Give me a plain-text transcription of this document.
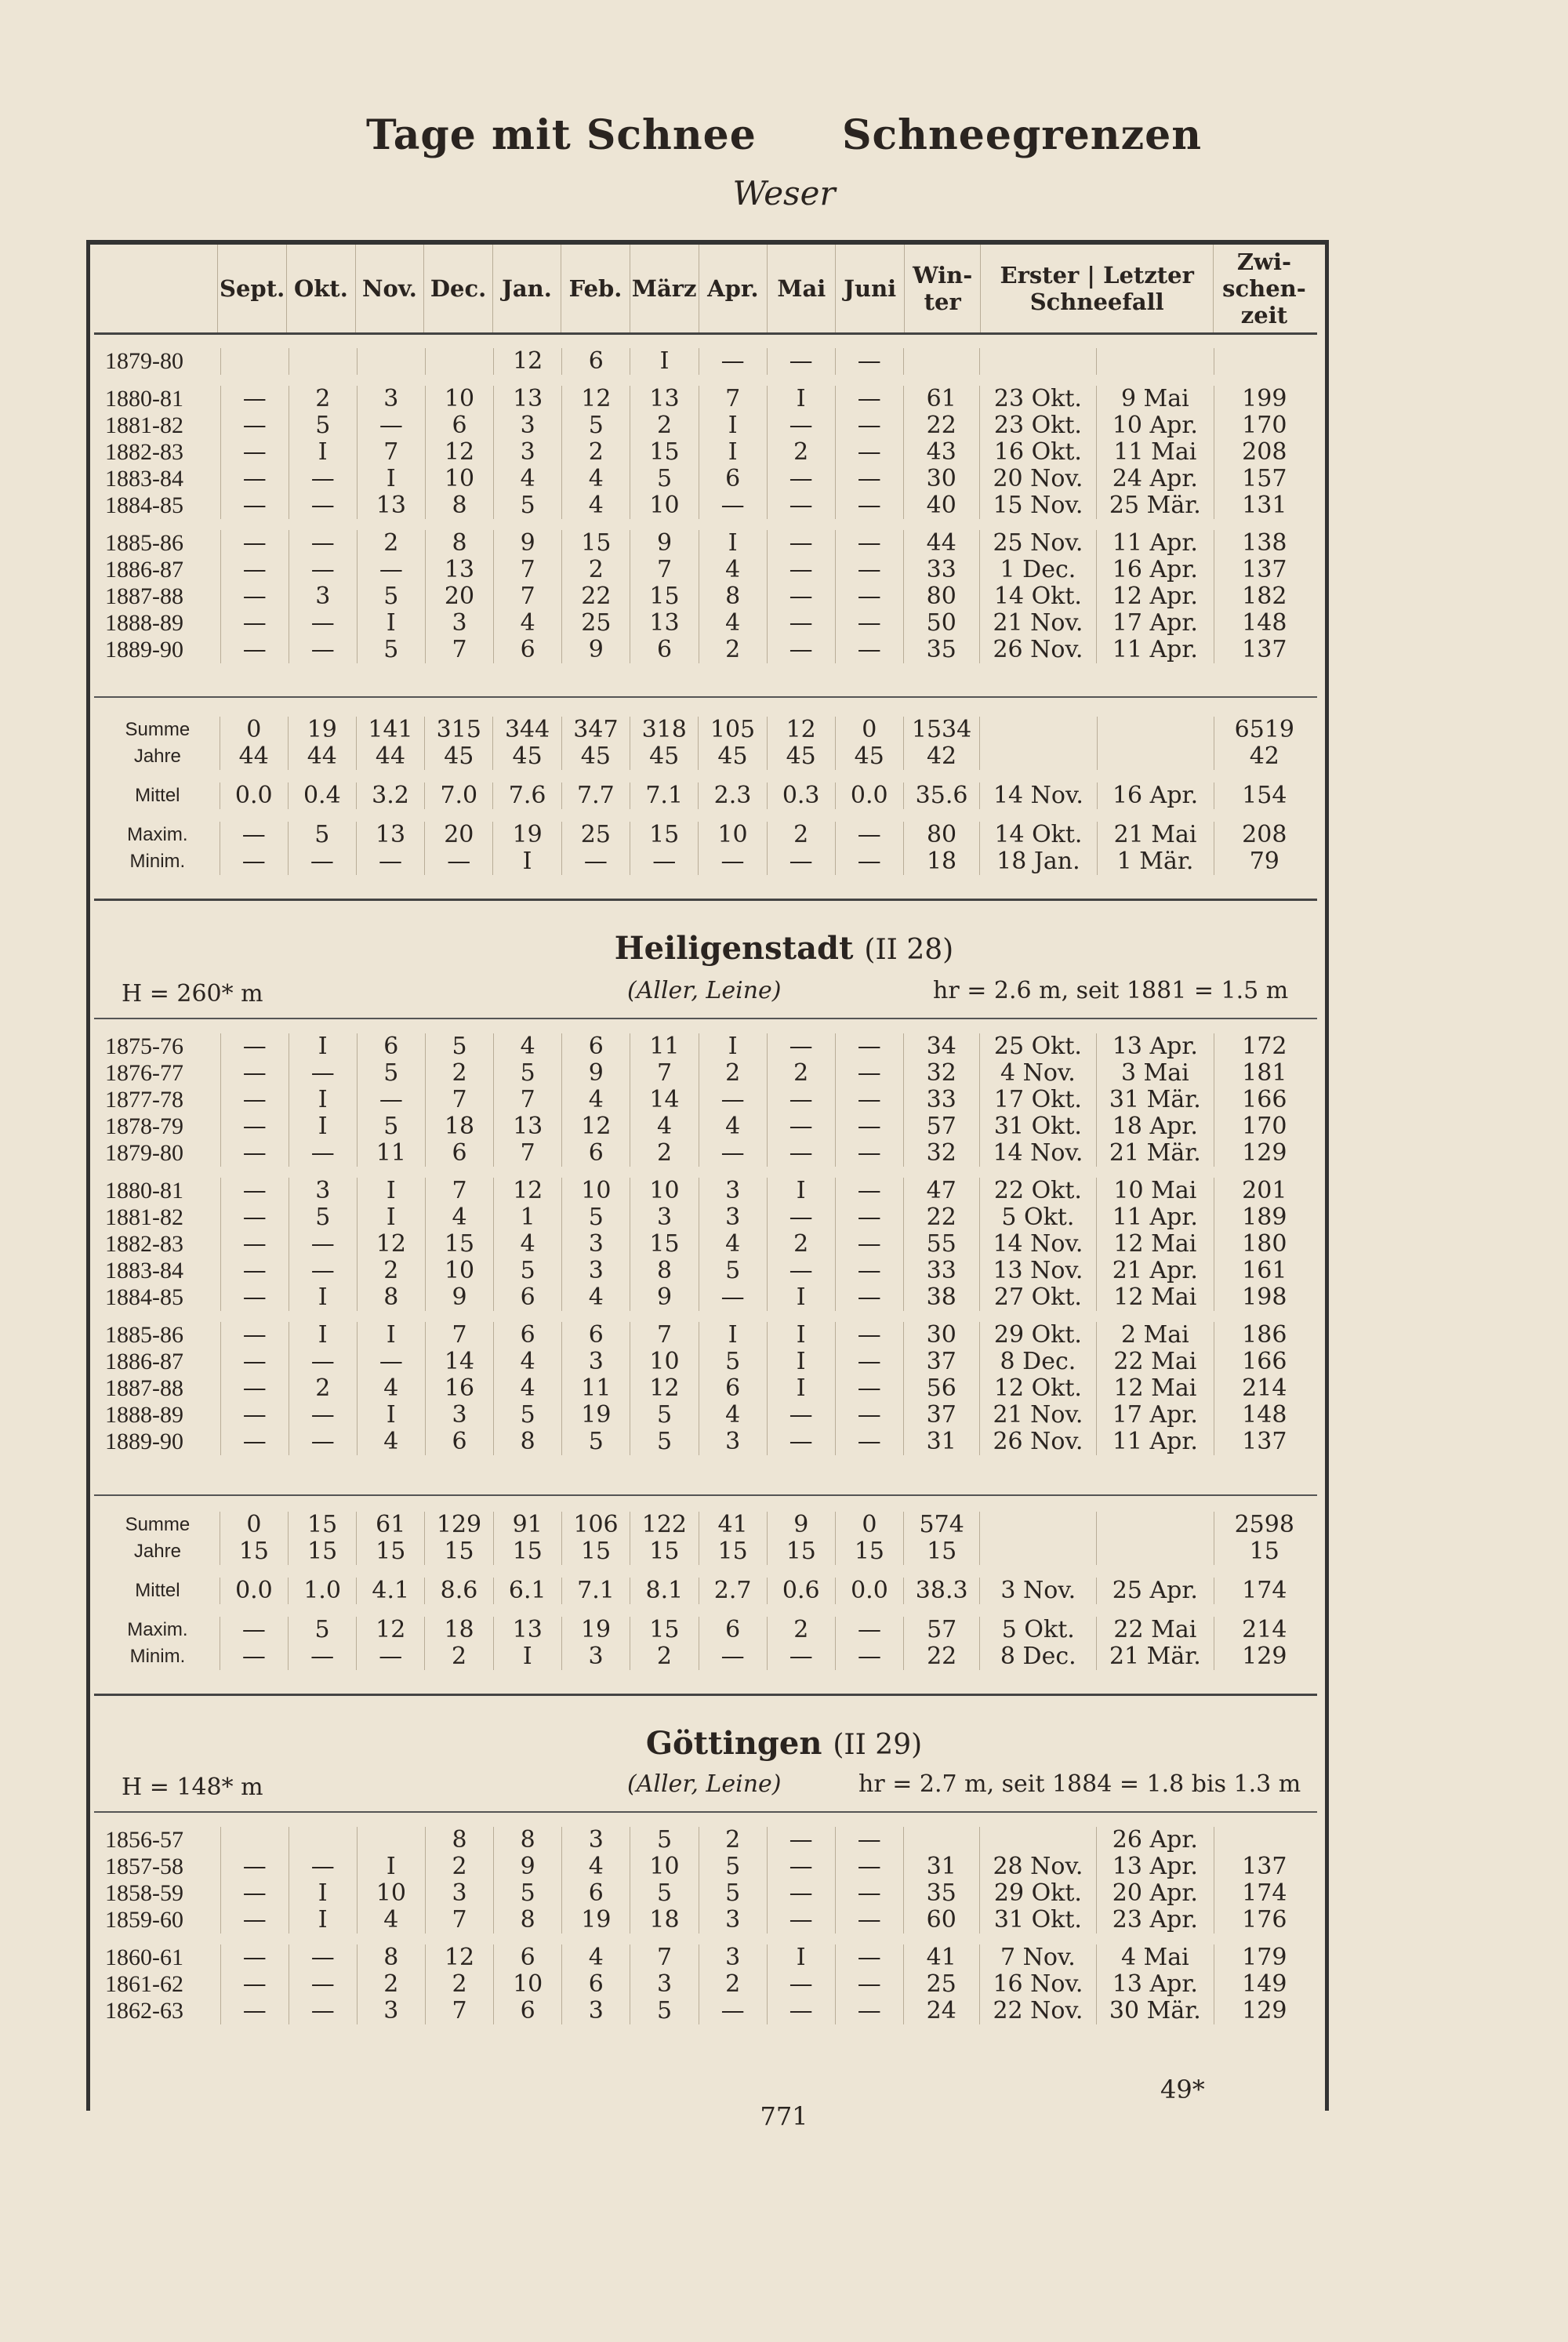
Tage mit Schnee Schneegrenzen
Weser
	Sept.	Okt.	Nov.	Dec.	Jan.	Feb.	März	Apr.	Mai	Juni	Win-
ter	
Erster | Letzter
Schneefall
	Zwi-
schen-
zeit
1879-80					12	6	I	—	—	—				
1880-81	—	2	3	10	13	12	13	7	I	—	61	23 Okt.	9 Mai	199
1881-82	—	5	—	6	3	5	2	I	—	—	22	23 Okt.	10 Apr.	170
1882-83	—	I	7	12	3	2	15	I	2	—	43	16 Okt.	11 Mai	208
1883-84	—	—	I	10	4	4	5	6	—	—	30	20 Nov.	24 Apr.	157
1884-85	—	—	13	8	5	4	10	—	—	—	40	15 Nov.	25 Mär.	131
1885-86	—	—	2	8	9	15	9	I	—	—	44	25 Nov.	11 Apr.	138
1886-87	—	—	—	13	7	2	7	4	—	—	33	1 Dec.	16 Apr.	137
1887-88	—	3	5	20	7	22	15	8	—	—	80	14 Okt.	12 Apr.	182
1888-89	—	—	I	3	4	25	13	4	—	—	50	21 Nov.	17 Apr.	148
1889-90	—	—	5	7	6	9	6	2	—	—	35	26 Nov.	11 Apr.	137
Summe	0	19	141	315	344	347	318	105	12	0	1534			6519
Jahre	44	44	44	45	45	45	45	45	45	45	42			42
Mittel	0.0	0.4	3.2	7.0	7.6	7.7	7.1	2.3	0.3	0.0	35.6	14 Nov.	16 Apr.	154
Maxim.	—	5	13	20	19	25	15	10	2	—	80	14 Okt.	21 Mai	208
Minim.	—	—	—	—	I	—	—	—	—	—	18	18 Jan.	1 Mär.	79
Heiligenstadt (II 28)
H = 260* m	(Aller, Leine)	hr = 2.6 m, seit 1881 = 1.5 m
1875-76	—	I	6	5	4	6	11	I	—	—	34	25 Okt.	13 Apr.	172
1876-77	—	—	5	2	5	9	7	2	2	—	32	4 Nov.	3 Mai	181
1877-78	—	I	—	7	7	4	14	—	—	—	33	17 Okt.	31 Mär.	166
1878-79	—	I	5	18	13	12	4	4	—	—	57	31 Okt.	18 Apr.	170
1879-80	—	—	11	6	7	6	2	—	—	—	32	14 Nov.	21 Mär.	129
1880-81	—	3	I	7	12	10	10	3	I	—	47	22 Okt.	10 Mai	201
1881-82	—	5	I	4	1	5	3	3	—	—	22	5 Okt.	11 Apr.	189
1882-83	—	—	12	15	4	3	15	4	2	—	55	14 Nov.	12 Mai	180
1883-84	—	—	2	10	5	3	8	5	—	—	33	13 Nov.	21 Apr.	161
1884-85	—	I	8	9	6	4	9	—	I	—	38	27 Okt.	12 Mai	198
1885-86	—	I	I	7	6	6	7	I	I	—	30	29 Okt.	2 Mai	186
1886-87	—	—	—	14	4	3	10	5	I	—	37	8 Dec.	22 Mai	166
1887-88	—	2	4	16	4	11	12	6	I	—	56	12 Okt.	12 Mai	214
1888-89	—	—	I	3	5	19	5	4	—	—	37	21 Nov.	17 Apr.	148
1889-90	—	—	4	6	8	5	5	3	—	—	31	26 Nov.	11 Apr.	137
Summe	0	15	61	129	91	106	122	41	9	0	574			2598
Jahre	15	15	15	15	15	15	15	15	15	15	15			15
Mittel	0.0	1.0	4.1	8.6	6.1	7.1	8.1	2.7	0.6	0.0	38.3	3 Nov.	25 Apr.	174
Maxim.	—	5	12	18	13	19	15	6	2	—	57	5 Okt.	22 Mai	214
Minim.	—	—	—	2	I	3	2	—	—	—	22	8 Dec.	21 Mär.	129
Göttingen (II 29)
H = 148* m	(Aller, Leine)	hr = 2.7 m, seit 1884 = 1.8 bis 1.3 m
1856-57				8	8	3	5	2	—	—			26 Apr.	
1857-58	—	—	I	2	9	4	10	5	—	—	31	28 Nov.	13 Apr.	137
1858-59	—	I	10	3	5	6	5	5	—	—	35	29 Okt.	20 Apr.	174
1859-60	—	I	4	7	8	19	18	3	—	—	60	31 Okt.	23 Apr.	176
1860-61	—	—	8	12	6	4	7	3	I	—	41	7 Nov.	4 Mai	179
1861-62	—	—	2	2	10	6	3	2	—	—	25	16 Nov.	13 Apr.	149
1862-63	—	—	3	7	6	3	5	—	—	—	24	22 Nov.	30 Mär.	129
49*
771
